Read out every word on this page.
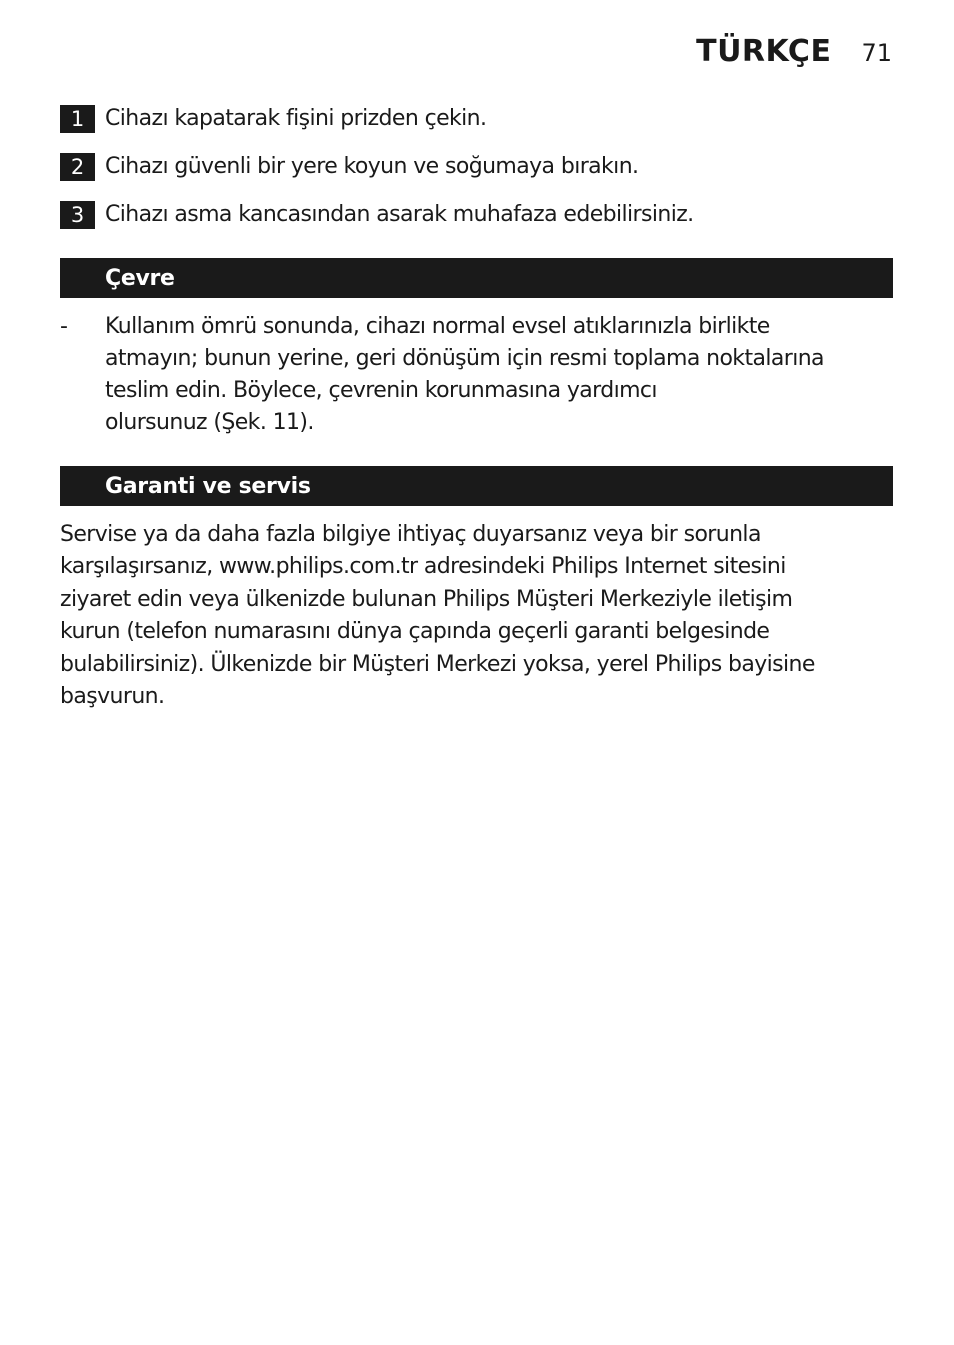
TÜRKÇE 71
1 Cihazı kapatarak fişini prizden çekin.
2 Cihazı güvenli bir yere koyun ve soğumaya bırakın.
3 Cihazı asma kancasından asarak muhafaza edebilirsiniz.
Çevre
-	Kullanım ömrü sonunda, cihazı normal evsel atıklarınızla birlikte
atmayın; bunun yerine, geri dönüşüm için resmi toplama noktalarına
teslim edin. Böylece, çevrenin korunmasına yardımcı
olursunuz (Şek. 11).

Garanti ve servis

Servise ya da daha fazla bilgiye ihtiyaç duyarsanız veya bir sorunla
karşılaşırsanız, www.philips.com.tr adresindeki Philips Internet sitesini
ziyaret edin veya ülkenizde bulunan Philips Müşteri Merkeziyle iletişim
kurun (telefon numarasını dünya çapında geçerli garanti belgesinde
bulabilirsiniz). Ülkenizde bir Müşteri Merkezi yoksa, yerel Philips bayisine
başvurun.
